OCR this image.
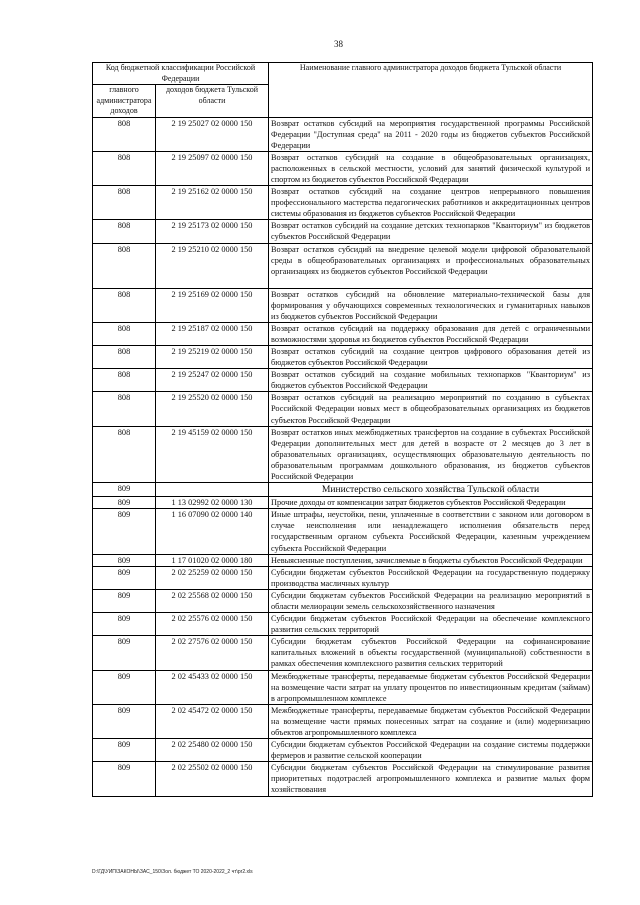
38
Код бюджетной классификации Российской Федерации		Наименование главного администратора доходов бюджета Тульской области
главного администратора доходов	доходов бюджета Тульской области	
808	2 19 25027 02 0000 150	Возврат остатков субсидий на мероприятия государственной программы Российской Федерации "Доступная среда" на 2011 - 2020 годы из бюджетов субъектов Российской Федерации
808	2 19 25097 02 0000 150	Возврат остатков субсидий на создание в общеобразовательных организациях, расположенных в сельской местности, условий для занятий физической культурой и спортом из бюджетов субъектов Российской Федерации
808	2 19 25162 02 0000 150	Возврат остатков субсидий на создание центров непрерывного повышения профессионального мастерства педагогических работников и аккредитационных центров системы образования из бюджетов субъектов Российской Федерации
808	2 19 25173 02 0000 150	Возврат остатков субсидий на создание детских технопарков "Кванториум" из бюджетов субъектов Российской Федерации
808	2 19 25210 02 0000 150	Возврат остатков субсидий на внедрение целевой модели цифровой образовательной среды в общеобразовательных организациях и профессиональных образовательных организациях из бюджетов субъектов Российской Федерации
808	2 19 25169 02 0000 150	Возврат остатков субсидий на обновление материально-технической базы для формирования у обучающихся современных технологических и гуманитарных навыков из бюджетов субъектов Российской Федерации
808	2 19 25187 02 0000 150	Возврат остатков субсидий на поддержку образования для детей с ограниченными возможностями здоровья из бюджетов субъектов Российской Федерации
808	2 19 25219 02 0000 150	Возврат остатков субсидий на создание центров цифрового образования детей из бюджетов субъектов Российской Федерации
808	2 19 25247 02 0000 150	Возврат остатков субсидий на создание мобильных технопарков "Кванториум" из бюджетов субъектов Российской Федерации
808	2 19 25520 02 0000 150	Возврат остатков субсидий на реализацию мероприятий по созданию в субъектах Российской Федерации новых мест в общеобразовательных организациях из бюджетов субъектов Российской Федерации
808	2 19 45159 02 0000 150	Возврат остатков иных межбюджетных трансфертов на создание в субъектах Российской Федерации дополнительных мест для детей в возрасте от 2 месяцев до 3 лет в образовательных организациях, осуществляющих образовательную деятельность по образовательным программам дошкольного образования, из бюджетов субъектов Российской Федерации
809		Министерство сельского хозяйства Тульской области
809	1 13 02992 02 0000 130	Прочие доходы от компенсации затрат бюджетов субъектов Российской Федерации
809	1 16 07090 02 0000 140	Иные штрафы, неустойки, пени, уплаченные в соответствии с законом или договором в случае неисполнения или ненадлежащего исполнения обязательств перед государственным органом субъекта Российской Федерации, казенным учреждением субъекта Российской Федерации
809	1 17 01020 02 0000 180	Невыясненные поступления, зачисляемые в бюджеты субъектов Российской Федерации
809	2 02 25259 02 0000 150	Субсидии бюджетам субъектов Российской Федерации на государственную поддержку производства масличных культур
809	2 02 25568 02 0000 150	Субсидии бюджетам субъектов Российской Федерации на реализацию мероприятий в области мелиорации земель сельскохозяйственного назначения
809	2 02 25576 02 0000 150	Субсидии бюджетам субъектов Российской Федерации на обеспечение комплексного развития сельских территорий
809	2 02 27576 02 0000 150	Субсидии бюджетам субъектов Российской Федерации на софинансирование капитальных вложений в объекты государственной (муниципальной) собственности в рамках обеспечения комплексного развития сельских территорий
809	2 02 45433 02 0000 150	Межбюджетные трансферты, передаваемые бюджетам субъектов Российской Федерации на возмещение части затрат на уплату процентов по инвестиционным кредитам (займам) в агропромышленном комплексе
809	2 02 45472 02 0000 150	Межбюджетные трансферты, передаваемые бюджетам субъектов Российской Федерации на возмещение части прямых понесенных затрат на создание и (или) модернизацию объектов агропромышленного комплекса
809	2 02 25480 02 0000 150	Субсидии бюджетам субъектов Российской Федерации на создание системы поддержки фермеров и развитие сельской кооперации
809	2 02 25502 02 0000 150	Субсидии бюджетам субъектов Российской Федерации на стимулирование развития приоритетных подотраслей агропромышленного комплекса и развитие малых форм хозяйствования
D:\ГД\УИП\ЗАКОНЫ\ЗАС_150\Зол. бюджет ТО 2020-2022_2 чт\pr2.xls
